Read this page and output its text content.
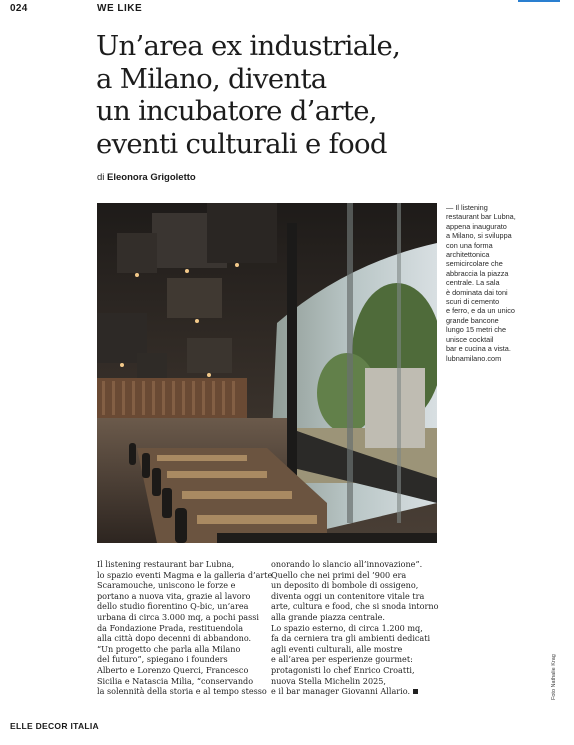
024	WE LIKE
Un’area ex industriale,
a Milano, diventa
un incubatore d’arte,
eventi culturali e food
di Eleonora Grigoletto
— Il listening
restaurant bar Lubna,
appena inaugurato
a Milano, si sviluppa
con una forma
architettonica
semicircolare che
abbraccia la piazza
centrale. La sala
è dominata dai toni
scuri di cemento
e ferro, e da un unico
grande bancone
lungo 15 metri che
unisce cocktail
bar e cucina a vista.
lubnamilano.com
Il listening restaurant bar Lubna,
lo spazio eventi Magma e la galleria d’arte
Scaramouche, uniscono le forze e
portano a nuova vita, grazie al lavoro
dello studio fiorentino Q-bic, un’area
urbana di circa 3.000 mq, a pochi passi
da Fondazione Prada, restituendola
alla città dopo decenni di abbandono.
“Un progetto che parla alla Milano
del futuro”, spiegano i founders
Alberto e Lorenzo Querci, Francesco
Sicilia e Natascia Milia, “conservando
la solennità della storia e al tempo stesso
onorando lo slancio all’innovazione”.
Quello che nei primi del ’900 era
un deposito di bombole di ossigeno,
diventa oggi un contenitore vitale tra
arte, cultura e food, che si snoda intorno
alla grande piazza centrale.
Lo spazio esterno, di circa 1.200 mq,
fa da cerniera tra gli ambienti dedicati
agli eventi culturali, alle mostre
e all’area per esperienze gourmet:
protagonisti lo chef Enrico Croatti,
nuova Stella Michelin 2025,
e il bar manager Giovanni Allario.	Foto Nathalie Krag
ELLE DECOR ITALIA
